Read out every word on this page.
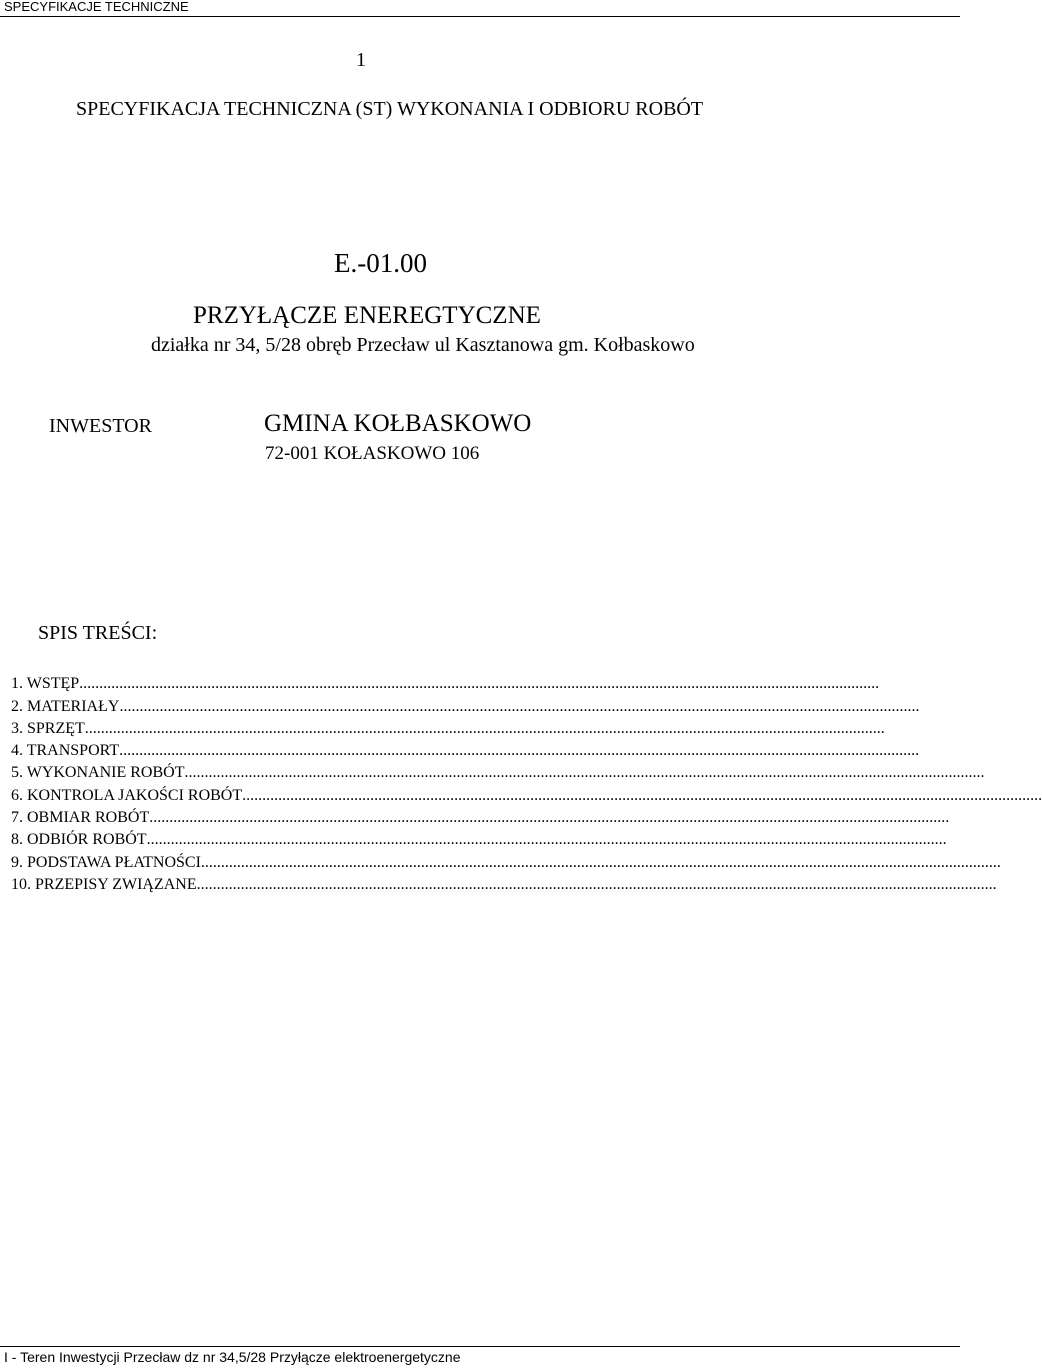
SPECYFIKACJE TECHNICZNE
1
SPECYFIKACJA TECHNICZNA (ST) WYKONANIA I ODBIORU ROBÓT
E.-01.00
PRZYŁĄCZE ENEREGTYCZNE
działka nr 34, 5/28 obręb Przecław ul Kasztanowa gm. Kołbaskowo
INWESTOR	GMINA KOŁBASKOWO
72-001 KOŁASKOWO 106
SPIS TREŚCI:
1. WSTĘP ........................................................................................................................................................................................................
2. MATERIAŁY ........................................................................................................................................................................................................
3. SPRZĘT ........................................................................................................................................................................................................
4. TRANSPORT ........................................................................................................................................................................................................
5. WYKONANIE ROBÓT ........................................................................................................................................................................................................
6. KONTROLA JAKOŚCI ROBÓT ........................................................................................................................................................................................................
7. OBMIAR ROBÓT ........................................................................................................................................................................................................
8. ODBIÓR ROBÓT ........................................................................................................................................................................................................
9. PODSTAWA PŁATNOŚCI ........................................................................................................................................................................................................
10. PRZEPISY ZWIĄZANE ........................................................................................................................................................................................................
I - Teren Inwestycji Przecław dz nr 34,5/28 Przyłącze elektroenergetyczne
